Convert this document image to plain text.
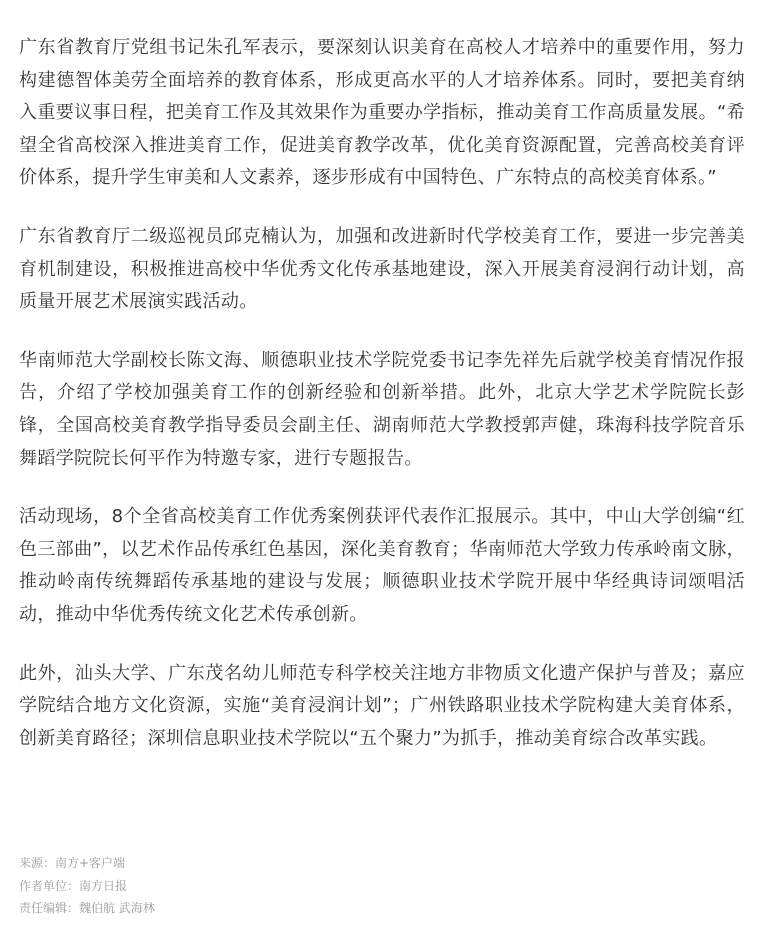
广东省教育厅党组书记朱孔军表示，要深刻认识美育在高校人才培养中的重要作用，努力构建德智体美劳全面培养的教育体系，形成更高水平的人才培养体系。同时，要把美育纳入重要议事日程，把美育工作及其效果作为重要办学指标，推动美育工作高质量发展。“希望全省高校深入推进美育工作，促进美育教学改革，优化美育资源配置，完善高校美育评价体系，提升学生审美和人文素养，逐步形成有中国特色、广东特点的高校美育体系。”

广东省教育厅二级巡视员邱克楠认为，加强和改进新时代学校美育工作，要进一步完善美育机制建设，积极推进高校中华优秀文化传承基地建设，深入开展美育浸润行动计划，高质量开展艺术展演实践活动。

华南师范大学副校长陈文海、顺德职业技术学院党委书记李先祥先后就学校美育情况作报告，介绍了学校加强美育工作的创新经验和创新举措。此外，北京大学艺术学院院长彭锋，全国高校美育教学指导委员会副主任、湖南师范大学教授郭声健，珠海科技学院音乐舞蹈学院院长何平作为特邀专家，进行专题报告。

活动现场，8个全省高校美育工作优秀案例获评代表作汇报展示。其中，中山大学创编“红色三部曲”，以艺术作品传承红色基因，深化美育教育；华南师范大学致力传承岭南文脉，推动岭南传统舞蹈传承基地的建设与发展；顺德职业技术学院开展中华经典诗词颂唱活动，推动中华优秀传统文化艺术传承创新。

此外，汕头大学、广东茂名幼儿师范专科学校关注地方非物质文化遗产保护与普及；嘉应学院结合地方文化资源，实施“美育浸润计划”；广州铁路职业技术学院构建大美育体系，创新美育路径；深圳信息职业技术学院以“五个聚力”为抓手，推动美育综合改革实践。

来源：南方+客户端
作者单位：南方日报
责任编辑：魏伯航 武海林
